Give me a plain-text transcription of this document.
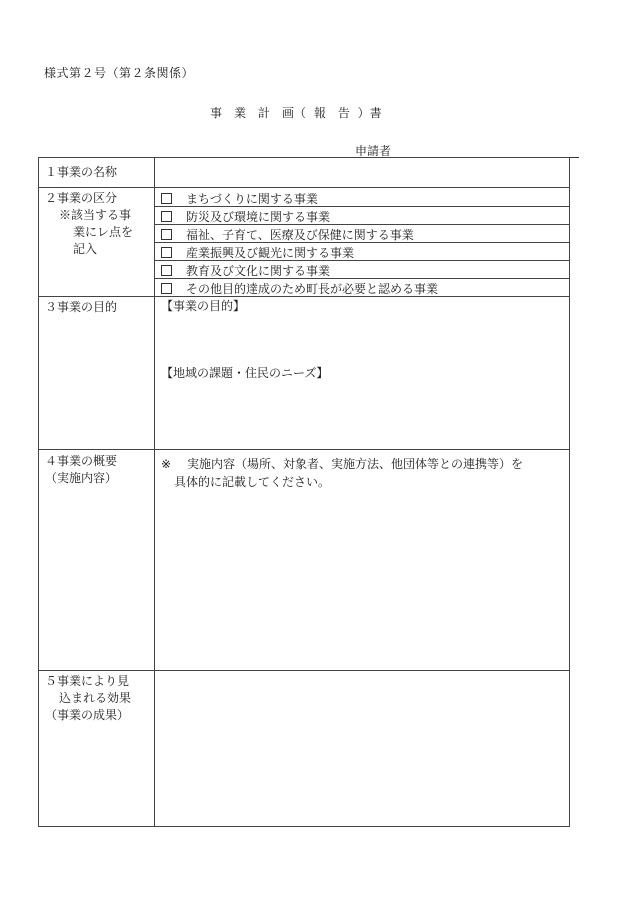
様式第２号（第２条関係）
事　業　計　画（ 報　告 ）書
申請者
１事業の名称
２事業の区分
※該当する事
業にレ点を
記入
まちづくりに関する事業
防災及び環境に関する事業
福祉、子育て、医療及び保健に関する事業
産業振興及び観光に関する事業
教育及び文化に関する事業
その他目的達成のため町長が必要と認める事業
３事業の目的	【事業の目的】
【地域の課題・住民のニーズ】
４事業の概要
（実施内容）
※ 実施内容（場所、対象者、実施方法、他団体等との連携等）を
具体的に記載してください。
５事業により見
込まれる効果
（事業の成果）
